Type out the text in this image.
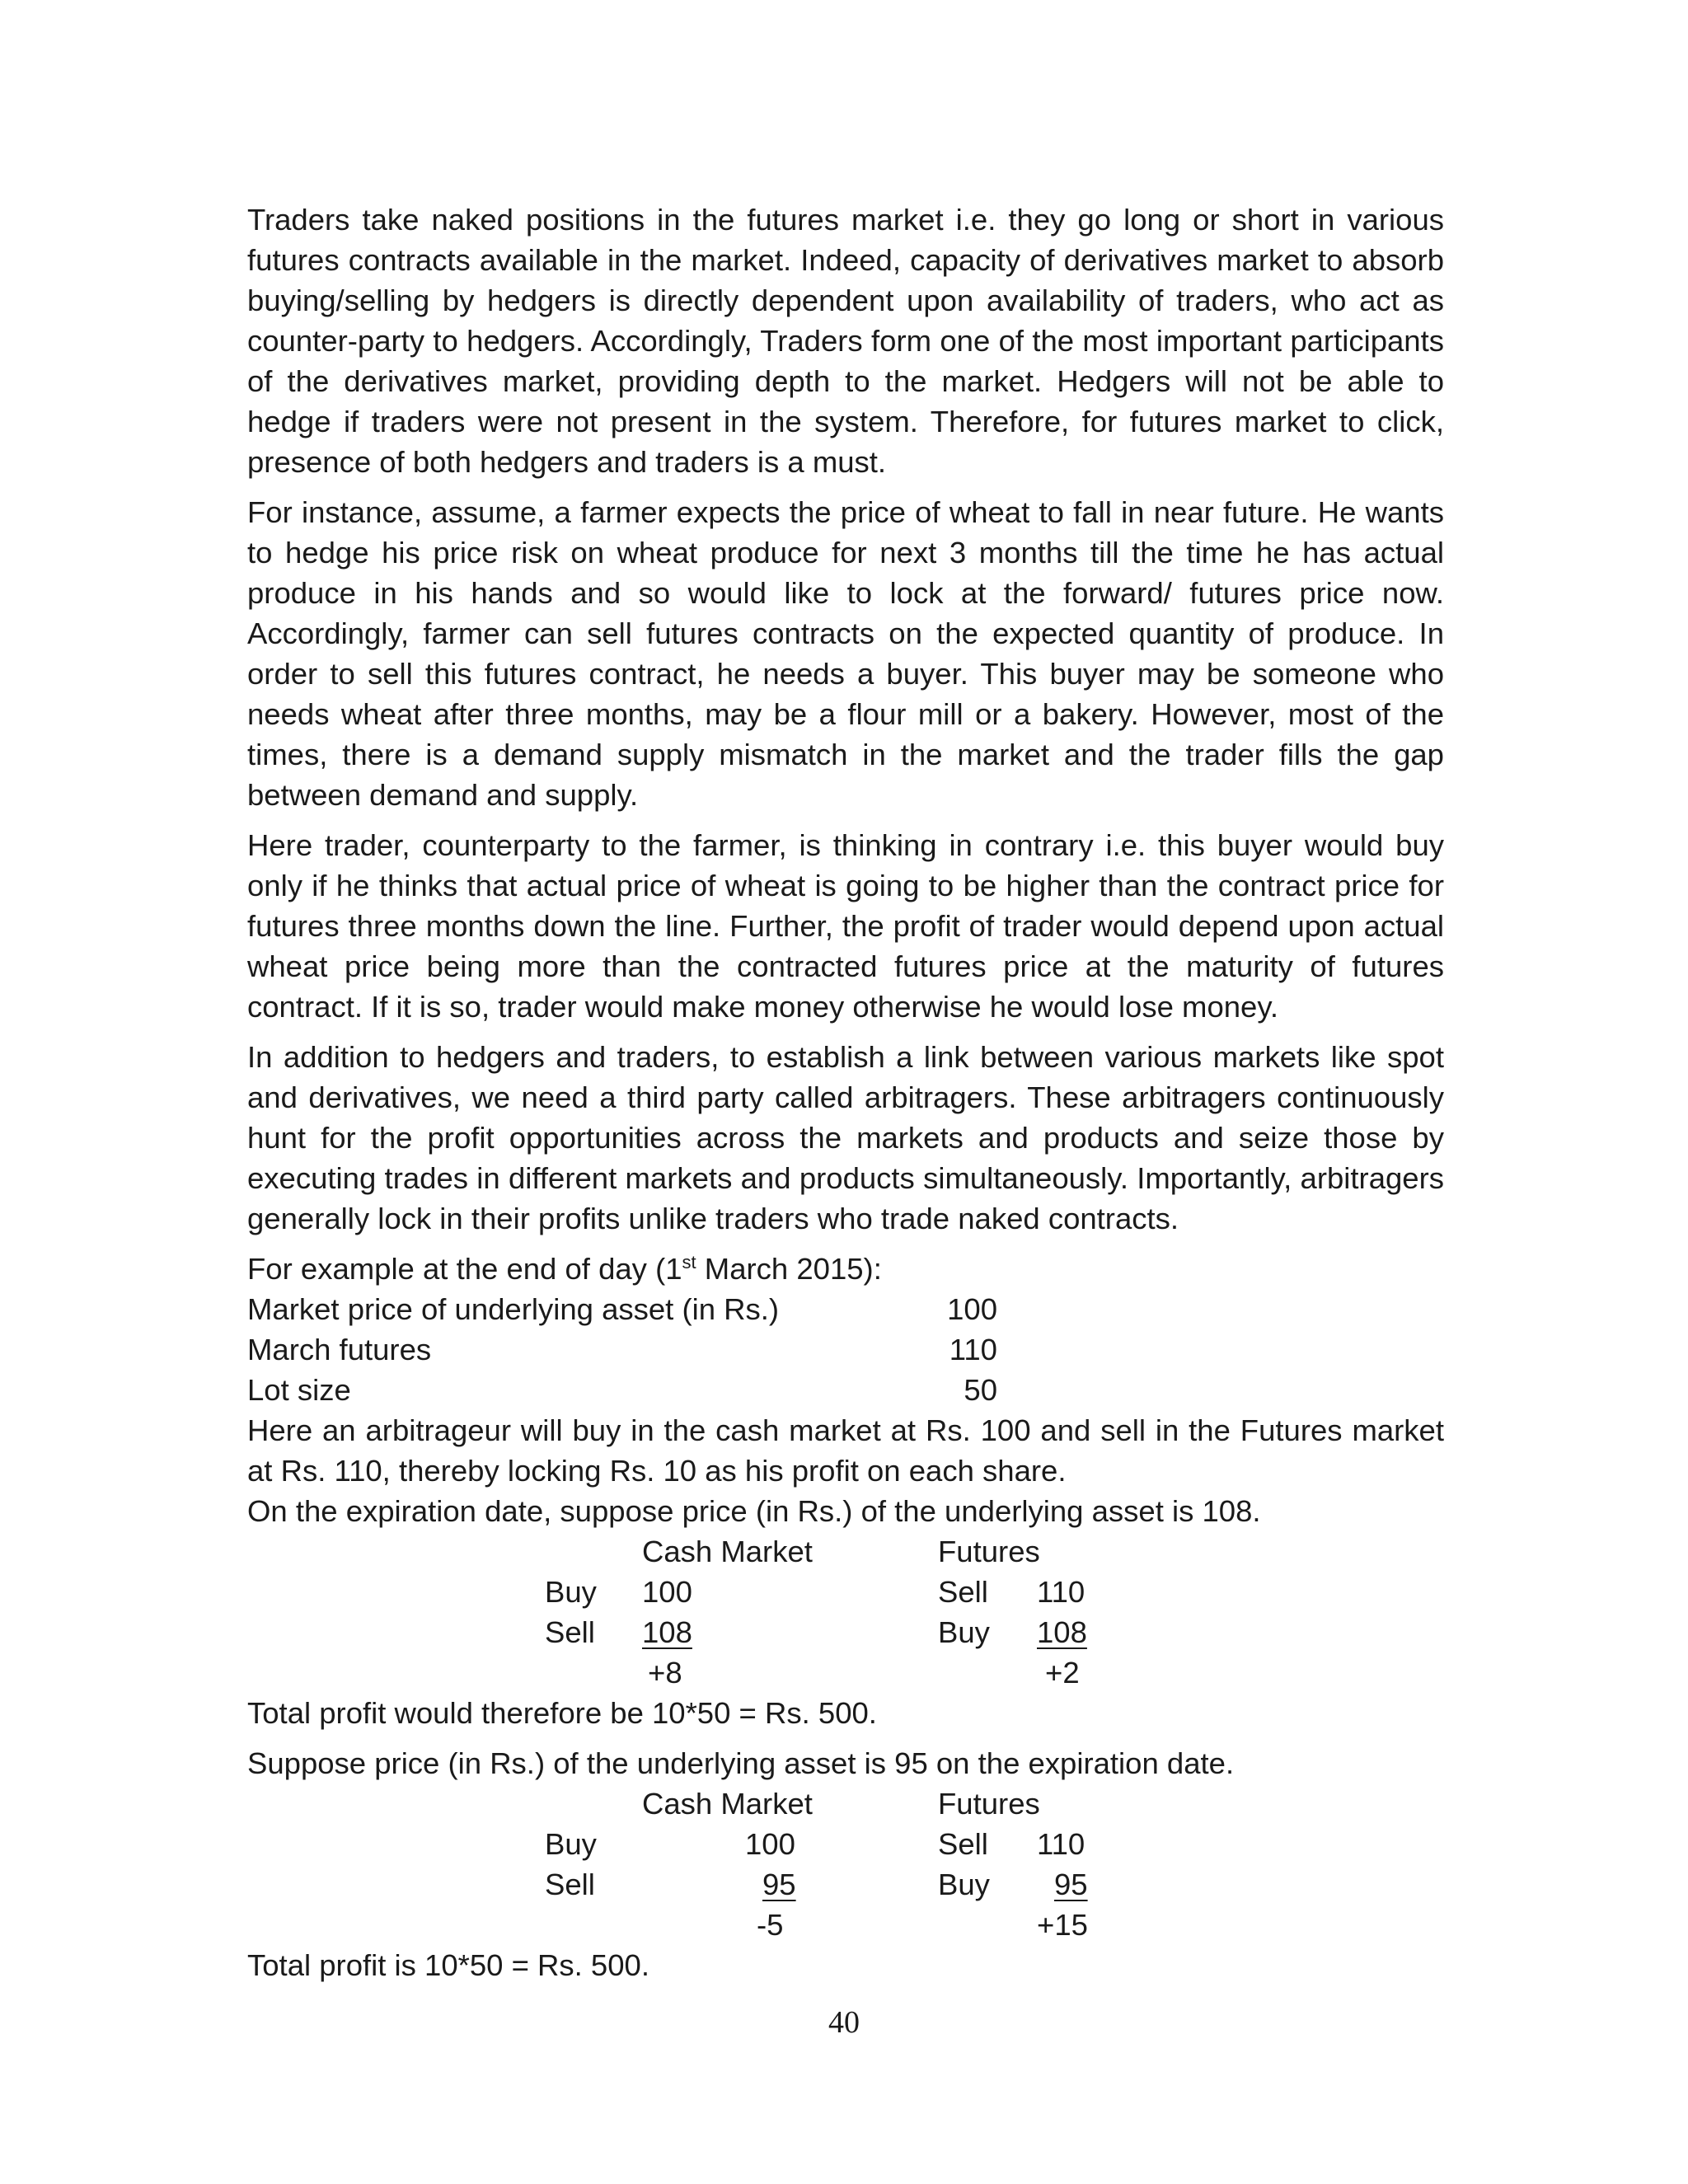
Traders take naked positions in the futures market i.e. they go long or short in various futures contracts available in the market. Indeed, capacity of derivatives market to absorb buying/selling by hedgers is directly dependent upon availability of traders, who act as counter-party to hedgers. Accordingly, Traders form one of the most important participants of the derivatives market, providing depth to the market. Hedgers will not be able to hedge if traders were not present in the system. Therefore, for futures market to click, presence of both hedgers and traders is a must.

For instance, assume, a farmer expects the price of wheat to fall in near future. He wants to hedge his price risk on wheat produce for next 3 months till the time he has actual produce in his hands and so would like to lock at the forward/ futures price now. Accordingly, farmer can sell futures contracts on the expected quantity of produce. In order to sell this futures contract, he needs a buyer. This buyer may be someone who needs wheat after three months, may be a flour mill or a bakery. However, most of the times, there is a demand supply mismatch in the market and the trader fills the gap between demand and supply.

Here trader, counterparty to the farmer, is thinking in contrary i.e. this buyer would buy only if he thinks that actual price of wheat is going to be higher than the contract price for futures three months down the line. Further, the profit of trader would depend upon actual wheat price being more than the contracted futures price at the maturity of futures contract. If it is so, trader would make money otherwise he would lose money.

In addition to hedgers and traders, to establish a link between various markets like spot and derivatives, we need a third party called arbitragers. These arbitragers continuously hunt for the profit opportunities across the markets and products and seize those by executing trades in different markets and products simultaneously. Importantly, arbitragers generally lock in their profits unlike traders who trade naked contracts.

For example at the end of day (1st March 2015):

Market price of underlying asset (in Rs.)	100
March futures	110
Lot size	50

Here an arbitrageur will buy in the cash market at Rs. 100 and sell in the Futures market

at Rs. 110, thereby locking Rs. 10 as his profit on each share.

On the expiration date, suppose price (in Rs.) of the underlying asset is 108.

Cash Market	Futures
Buy 100	Sell 110
Sell 108	Buy 108
+8	+2

Total profit would therefore be 10*50 = Rs. 500.

Suppose price (in Rs.) of the underlying asset is 95 on the expiration date.

Cash Market	Futures
Buy	100	Sell 110
Sell	95	Buy	95
-5	+15

Total profit is 10*50 = Rs. 500.

40
